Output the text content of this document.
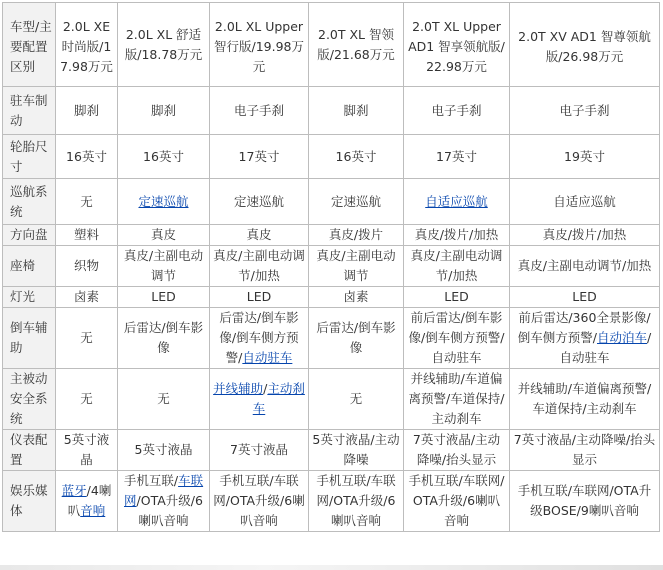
车型/主要配置区别	2.0L XE时尚版/17.98万元	2.0L XL 舒适版/18.78万元	2.0L XL Upper智行版/19.98万元	2.0T XL 智领版/21.68万元	2.0T XL Upper AD1 智享领航版/22.98万元	2.0T XV AD1 智尊领航版/26.98万元
驻车制动	脚刹	脚刹	电子手刹	脚刹	电子手刹	电子手刹
轮胎尺寸	16英寸	16英寸	17英寸	16英寸	17英寸	19英寸
巡航系统	无	定速巡航	定速巡航	定速巡航	自适应巡航	自适应巡航
方向盘	塑料	真皮	真皮	真皮/拨片	真皮/拨片/加热	真皮/拨片/加热
座椅	织物	真皮/主副电动调节	真皮/主副电动调节/加热	真皮/主副电动调节	真皮/主副电动调节/加热	真皮/主副电动调节/加热
灯光	卤素	LED	LED	卤素	LED	LED
倒车辅助	无	后雷达/倒车影像	后雷达/倒车影像/倒车侧方预警/自动驻车	后雷达/倒车影像	前后雷达/倒车影像/倒车侧方预警/自动驻车	前后雷达/360全景影像/倒车侧方预警/自动泊车/自动驻车
主被动安全系统	无	无	并线辅助/主动刹车	无	并线辅助/车道偏离预警/车道保持/主动刹车	并线辅助/车道偏离预警/车道保持/主动刹车
仪表配置	5英寸液晶	5英寸液晶	7英寸液晶	5英寸液晶/主动降噪	7英寸液晶/主动降噪/抬头显示	7英寸液晶/主动降噪/抬头显示
娱乐媒体	蓝牙/4喇叭音响	手机互联/车联网/OTA升级/6喇叭音响	手机互联/车联网/OTA升级/6喇叭音响	手机互联/车联网/OTA升级/6喇叭音响	手机互联/车联网/OTA升级/6喇叭音响	手机互联/车联网/OTA升级BOSE/9喇叭音响
